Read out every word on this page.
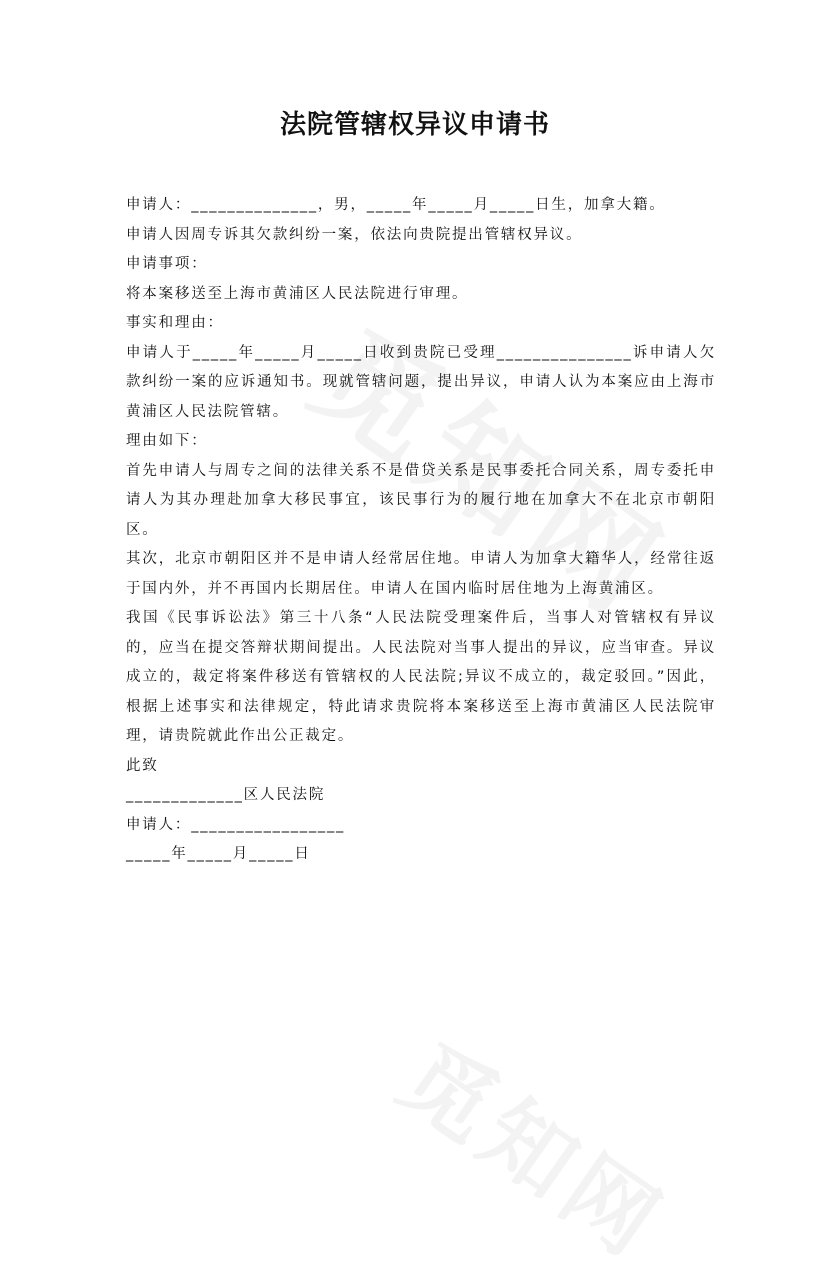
法院管辖权异议申请书

申请人：______________，男，_____年_____月_____日生，加拿大籍。

申请人因周专诉其欠款纠纷一案，依法向贵院提出管辖权异议。

申请事项：

将本案移送至上海市黄浦区人民法院进行审理。

事实和理由：

申请人于_____年_____月_____日收到贵院已受理_______________诉申请人欠款纠纷一案的应诉通知书。现就管辖问题，提出异议，申请人认为本案应由上海市黄浦区人民法院管辖。

理由如下：

首先申请人与周专之间的法律关系不是借贷关系是民事委托合同关系，周专委托申请人为其办理赴加拿大移民事宜，该民事行为的履行地在加拿大不在北京市朝阳区。

其次，北京市朝阳区并不是申请人经常居住地。申请人为加拿大籍华人，经常往返于国内外，并不再国内长期居住。申请人在国内临时居住地为上海黄浦区。

我国《民事诉讼法》第三十八条“人民法院受理案件后，当事人对管辖权有异议的，应当在提交答辩状期间提出。人民法院对当事人提出的异议，应当审查。异议成立的，裁定将案件移送有管辖权的人民法院;异议不成立的，裁定驳回。”因此，根据上述事实和法律规定，特此请求贵院将本案移送至上海市黄浦区人民法院审理，请贵院就此作出公正裁定。

此致

_____________区人民法院

申请人：_________________

_____年_____月_____日
